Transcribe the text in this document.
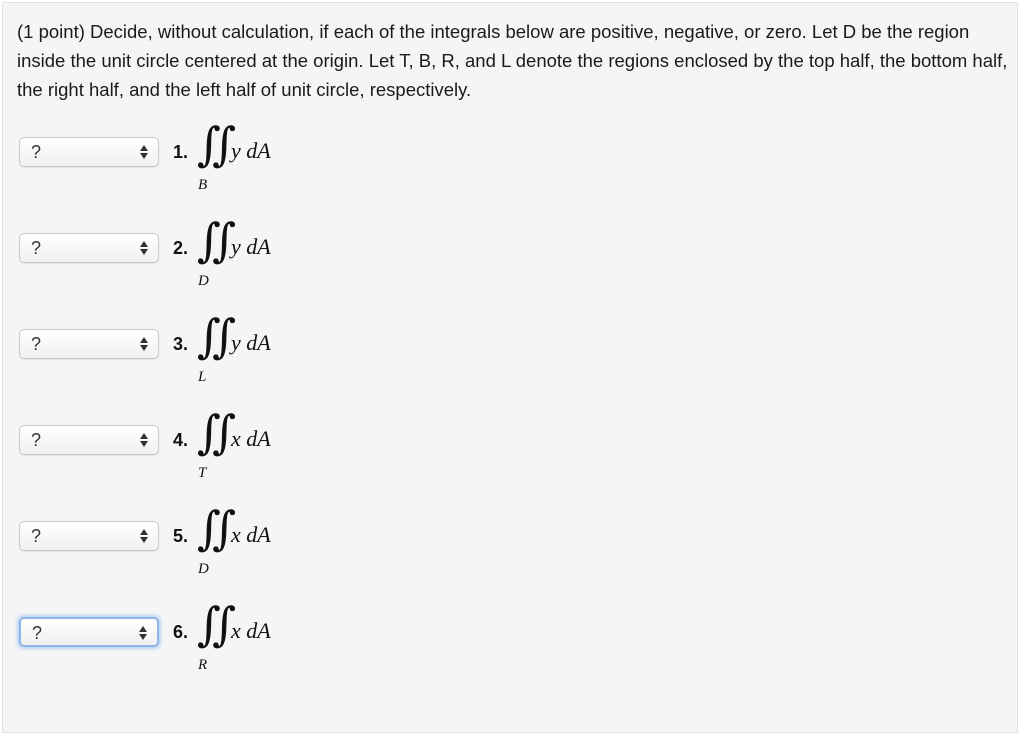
(1 point) Decide, without calculation, if each of the integrals below are positive, negative, or zero. Let D be the region inside the unit circle centered at the origin. Let T, B, R, and L denote the regions enclosed by the top half, the bottom half, the right half, and the left half of unit circle, respectively.

?	1. ∬ y dA
B
?	2. ∬ y dA
D
?	3. ∬ y dA
L
?	4. ∬ x dA
T
?	5. ∬ x dA
D
?	6. ∬ x dA
R
